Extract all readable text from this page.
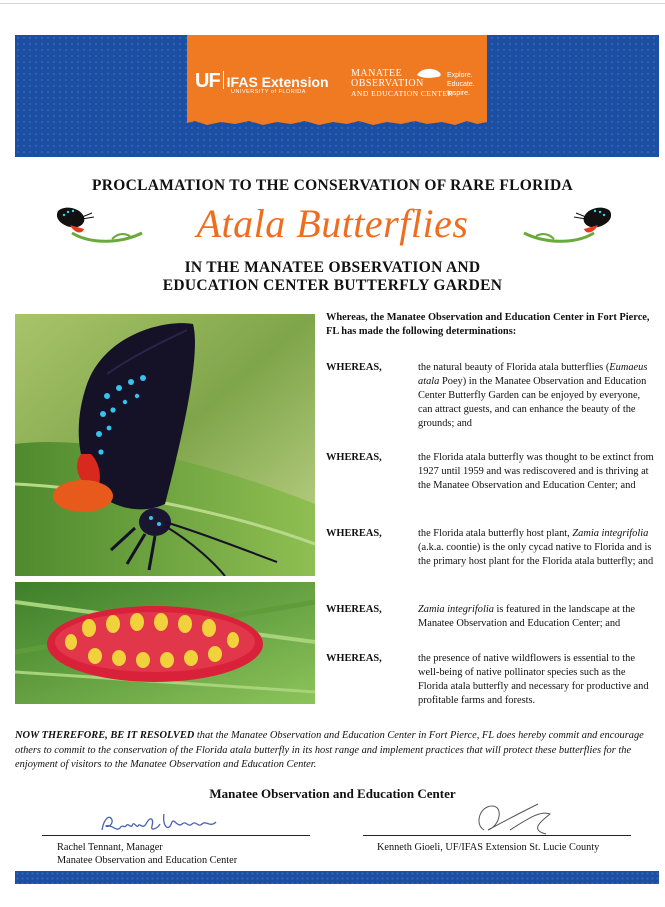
UF IFAS Extension
UNIVERSITY of FLORIDA
MANATEE
OBSERVATION
AND EDUCATION CENTER
Explore.
Educate.
Inspire.
PROCLAMATION TO THE CONSERVATION OF RARE FLORIDA
Atala Butterflies
IN THE MANATEE OBSERVATION AND
EDUCATION CENTER BUTTERFLY GARDEN
Whereas, the Manatee Observation and Education Center in Fort Pierce, FL has made the following determinations:
WHEREAS,	the natural beauty of Florida atala butterflies (Eumaeus atala Poey) in the Manatee Observation and Education Center Butterfly Garden can be enjoyed by everyone, can attract guests, and can enhance the beauty of the grounds; and
WHEREAS,	the Florida atala butterfly was thought to be extinct from 1927 until 1959 and was rediscovered and is thriving at the Manatee Observation and Education Center; and
WHEREAS,	the Florida atala butterfly host plant, Zamia integrifolia (a.k.a. coontie) is the only cycad native to Florida and is the primary host plant for the Florida atala butterfly; and
WHEREAS,	Zamia integrifolia is featured in the landscape at the Manatee Observation and Education Center; and
WHEREAS,	the presence of native wildflowers is essential to the well-being of native pollinator species such as the Florida atala butterfly and necessary for productive and profitable farms and forests.
NOW THEREFORE, BE IT RESOLVED that the Manatee Observation and Education Center in Fort Pierce, FL does hereby commit and encourage others to commit to the conservation of the Florida atala butterfly in its host range and implement practices that will protect these butterflies for the enjoyment of visitors to the Manatee Observation and Education Center.
Manatee Observation and Education Center
Rachel Tennant, Manager
Manatee Observation and Education Center
Kenneth Gioeli, UF/IFAS Extension St. Lucie County
